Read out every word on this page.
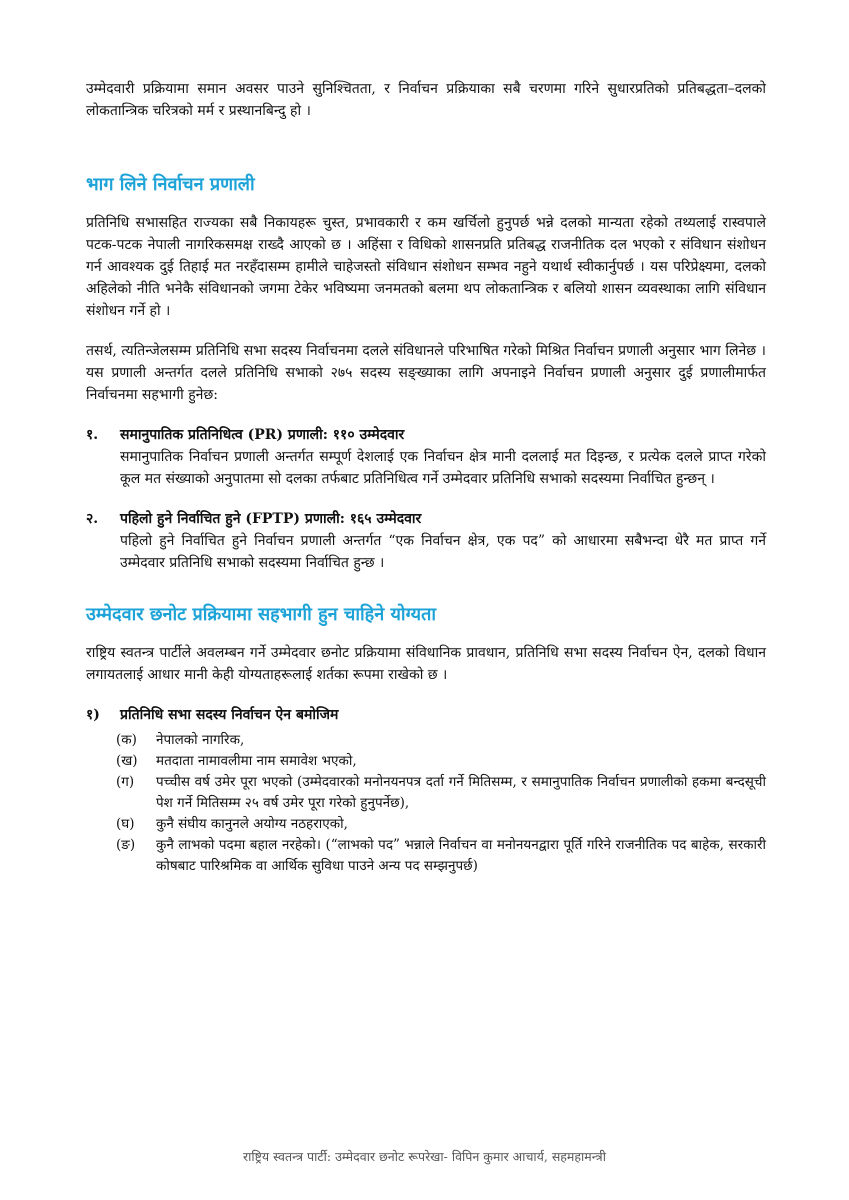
उम्मेदवारी प्रक्रियामा समान अवसर पाउने सुनिश्चितता, र निर्वाचन प्रक्रियाका सबै चरणमा गरिने सुधारप्रतिको प्रतिबद्धता–दलको लोकतान्त्रिक चरित्रको मर्म र प्रस्थानबिन्दु हो ।

भाग लिने निर्वाचन प्रणाली

प्रतिनिधि सभासहित राज्यका सबै निकायहरू चुस्त, प्रभावकारी र कम खर्चिलो हुनुपर्छ भन्ने दलको मान्यता रहेको तथ्यलाई रास्वपाले पटक-पटक नेपाली नागरिकसमक्ष राख्दै आएको छ । अहिंसा र विधिको शासनप्रति प्रतिबद्ध राजनीतिक दल भएको र संविधान संशोधन गर्न आवश्यक दुई तिहाई मत नरहँदासम्म हामीले चाहेजस्तो संविधान संशोधन सम्भव नहुने यथार्थ स्वीकार्नुपर्छ । यस परिप्रेक्ष्यमा, दलको अहिलेको नीति भनेकै संविधानको जगमा टेकेर भविष्यमा जनमतको बलमा थप लोकतान्त्रिक र बलियो शासन व्यवस्थाका लागि संविधान संशोधन गर्ने हो ।

तसर्थ, त्यतिन्जेलसम्म प्रतिनिधि सभा सदस्य निर्वाचनमा दलले संविधानले परिभाषित गरेको मिश्रित निर्वाचन प्रणाली अनुसार भाग लिनेछ । यस प्रणाली अन्तर्गत दलले प्रतिनिधि सभाको २७५ सदस्य सङ्ख्याका लागि अपनाइने निर्वाचन प्रणाली अनुसार दुई प्रणालीमार्फत निर्वाचनमा सहभागी हुनेछ:

१.	समानुपातिक प्रतिनिधित्व (PR) प्रणाली: ११० उम्मेदवार

समानुपातिक निर्वाचन प्रणाली अन्तर्गत सम्पूर्ण देशलाई एक निर्वाचन क्षेत्र मानी दललाई मत दिइन्छ, र प्रत्येक दलले प्राप्त गरेको कूल मत संख्याको अनुपातमा सो दलका तर्फबाट प्रतिनिधित्व गर्ने उम्मेदवार प्रतिनिधि सभाको सदस्यमा निर्वाचित हुन्छन् ।

२.	पहिलो हुने निर्वाचित हुने (FPTP) प्रणाली: १६५ उम्मेदवार

पहिलो हुने निर्वाचित हुने निर्वाचन प्रणाली अन्तर्गत “एक निर्वाचन क्षेत्र, एक पद” को आधारमा सबैभन्दा धेरै मत प्राप्त गर्ने उम्मेदवार प्रतिनिधि सभाको सदस्यमा निर्वाचित हुन्छ ।

उम्मेदवार छनोट प्रक्रियामा सहभागी हुन चाहिने योग्यता

राष्ट्रिय स्वतन्त्र पार्टीले अवलम्बन गर्ने उम्मेदवार छनोट प्रक्रियामा संविधानिक प्रावधान, प्रतिनिधि सभा सदस्य निर्वाचन ऐन, दलको विधान लगायतलाई आधार मानी केही योग्यताहरूलाई शर्तका रूपमा राखेको छ ।

१)	प्रतिनिधि सभा सदस्य निर्वाचन ऐन बमोजिम
(क)	नेपालको नागरिक,
(ख)	मतदाता नामावलीमा नाम समावेश भएको,
(ग)	पच्चीस वर्ष उमेर पूरा भएको (उम्मेदवारको मनोनयनपत्र दर्ता गर्ने मितिसम्म, र समानुपातिक निर्वाचन प्रणालीको हकमा बन्दसूची पेश गर्ने मितिसम्म २५ वर्ष उमेर पूरा गरेको हुनुपर्नेछ),
(घ)	कुनै संघीय कानुनले अयोग्य नठहराएको,
(ङ)	कुनै लाभको पदमा बहाल नरहेको। (“लाभको पद” भन्नाले निर्वाचन वा मनोनयनद्वारा पूर्ति गरिने राजनीतिक पद बाहेक, सरकारी कोषबाट पारिश्रमिक वा आर्थिक सुविधा पाउने अन्य पद सम्झनुपर्छ)
राष्ट्रिय स्वतन्त्र पार्टी: उम्मेदवार छनोट रूपरेखा- विपिन कुमार आचार्य, सहमहामन्त्री
